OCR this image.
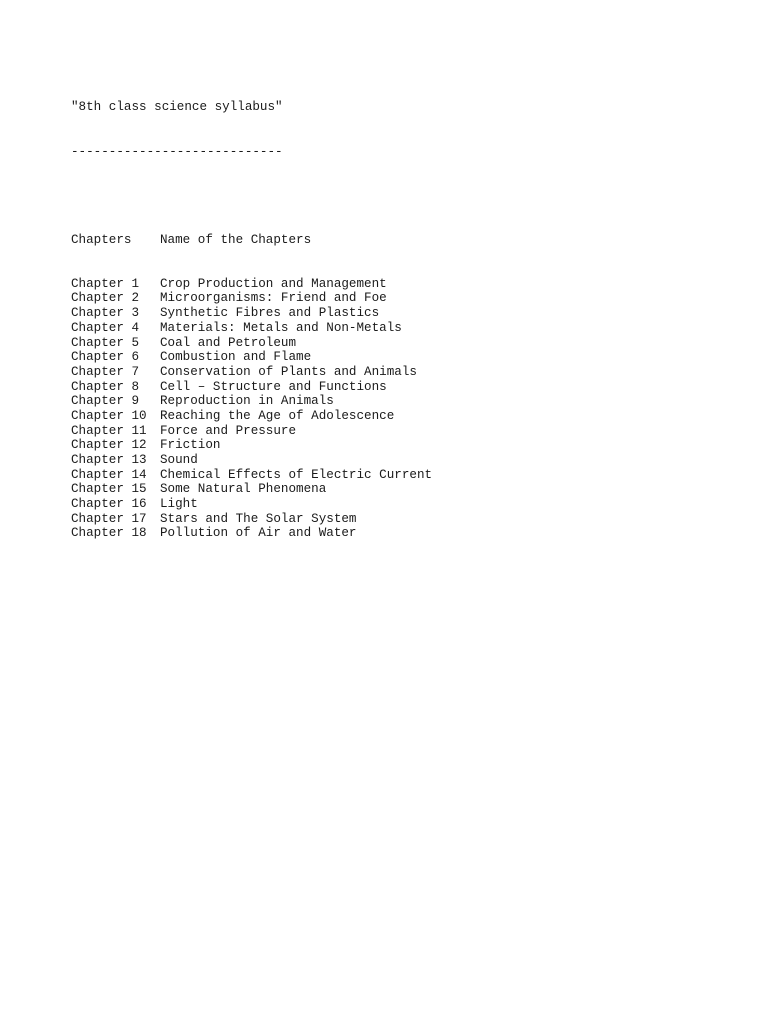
"8th class science syllabus"

----------------------------

Chapters	Name of the Chapters

Chapter 1	Crop Production and Management
Chapter 2	Microorganisms: Friend and Foe
Chapter 3	Synthetic Fibres and Plastics
Chapter 4	Materials: Metals and Non-Metals
Chapter 5	Coal and Petroleum
Chapter 6	Combustion and Flame
Chapter 7	Conservation of Plants and Animals
Chapter 8	Cell – Structure and Functions
Chapter 9	Reproduction in Animals
Chapter 10	Reaching the Age of Adolescence
Chapter 11	Force and Pressure
Chapter 12	Friction
Chapter 13	Sound
Chapter 14	Chemical Effects of Electric Current
Chapter 15	Some Natural Phenomena
Chapter 16	Light
Chapter 17	Stars and The Solar System
Chapter 18	Pollution of Air and Water
